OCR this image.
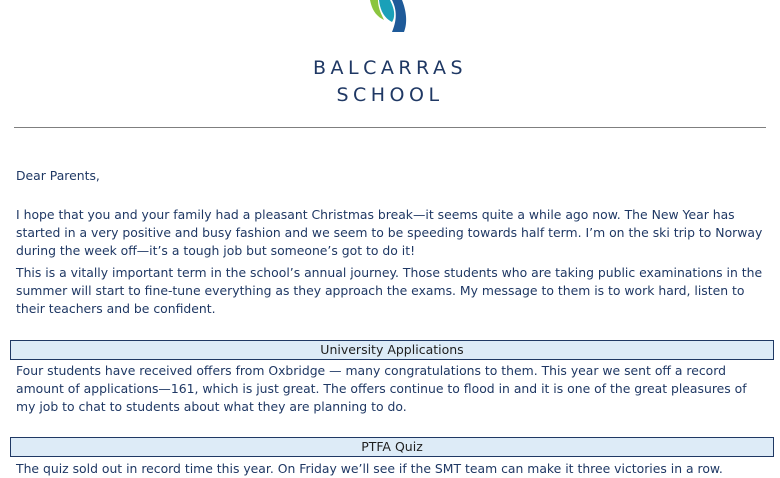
BALCARRAS
SCHOOL

Dear Parents,

I hope that you and your family had a pleasant Christmas break—it seems quite a while ago now. The New Year has started in a very positive and busy fashion and we seem to be speeding towards half term. I’m on the ski trip to Norway during the week off—it’s a tough job but someone’s got to do it!

This is a vitally important term in the school’s annual journey. Those students who are taking public examinations in the summer will start to fine-tune everything as they approach the exams. My message to them is to work hard, listen to their teachers and be confident.

University Applications

Four students have received offers from Oxbridge — many congratulations to them. This year we sent off a record amount of applications—161, which is just great. The offers continue to flood in and it is one of the great pleasures of my job to chat to students about what they are planning to do.

PTFA Quiz

The quiz sold out in record time this year. On Friday we’ll see if the SMT team can make it three victories in a row.
